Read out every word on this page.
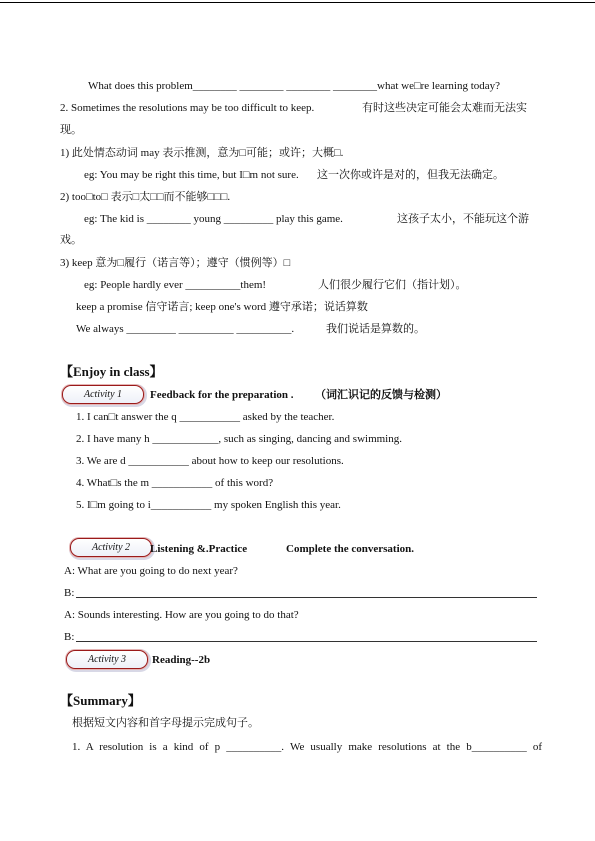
What does this problem________ ________ ________ ________what we□re learning today?
2. Sometimes the resolutions may be too difficult to keep.	有时这些决定可能会太难而无法实
现。
1) 此处情态动词 may 表示推测，意为□可能；或许；大概□.
eg: You may be right this time, but I□m not sure. 这一次你或许是对的，但我无法确定。
2) too□to□ 表示□太□□而不能够□□□.
eg: The kid is ________ young _________ play this game.	这孩子太小，不能玩这个游
戏。
3) keep 意为□履行（诺言等）；遵守（惯例等）□
eg: People hardly ever __________them!	人们很少履行它们（指计划）。
keep a promise 信守诺言; keep one's word 遵守承诺；说话算数
We always _________ __________ __________.	我们说话是算数的。
【Enjoy in class】
Activity 1	Feedback for the preparation . （词汇识记的反馈与检测）
1. I can□t answer the q ___________ asked by the teacher.
2. I have many h ____________, such as singing, dancing and swimming.
3. We are d ___________ about how to keep our resolutions.
4. What□s the m ___________ of this word?
5. I□m going to i___________ my spoken English this year.
Activity 2	Listening &.Practice	Complete the conversation.
A: What are you going to do next year?
B:
A: Sounds interesting. How are you going to do that?
B:
Activity 3	Reading--2b
【Summary】
根据短文内容和首字母提示完成句子。
1. A resolution is a kind of p __________. We usually make resolutions at the b__________ of
